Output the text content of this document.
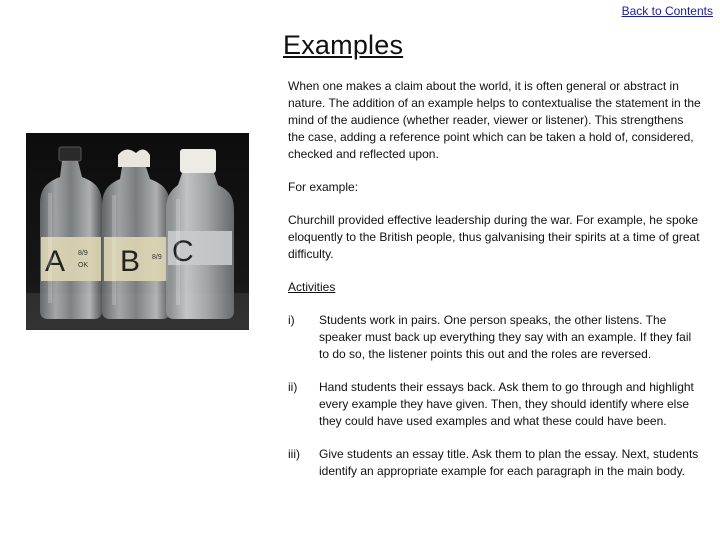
Back to Contents
Examples
A 8/9
OK B 8/9 C

When one makes a claim about the world, it is often general or abstract in nature. The addition of an example helps to contextualise the statement in the mind of the audience (whether reader, viewer or listener). This strengthens the case, adding a reference point which can be taken a hold of, considered, checked and reflected upon.

For example:

Churchill provided effective leadership during the war. For example, he spoke eloquently to the British people, thus galvanising their spirits at a time of great difficulty.

Activities

i)	Students work in pairs. One person speaks, the other listens. The speaker must back up everything they say with an example. If they fail to do so, the listener points this out and the roles are reversed.
ii)	Hand students their essays back. Ask them to go through and highlight every example they have given. Then, they should identify where else they could have used examples and what these could have been.
iii)	Give students an essay title. Ask them to plan the essay. Next, students identify an appropriate example for each paragraph in the main body.
